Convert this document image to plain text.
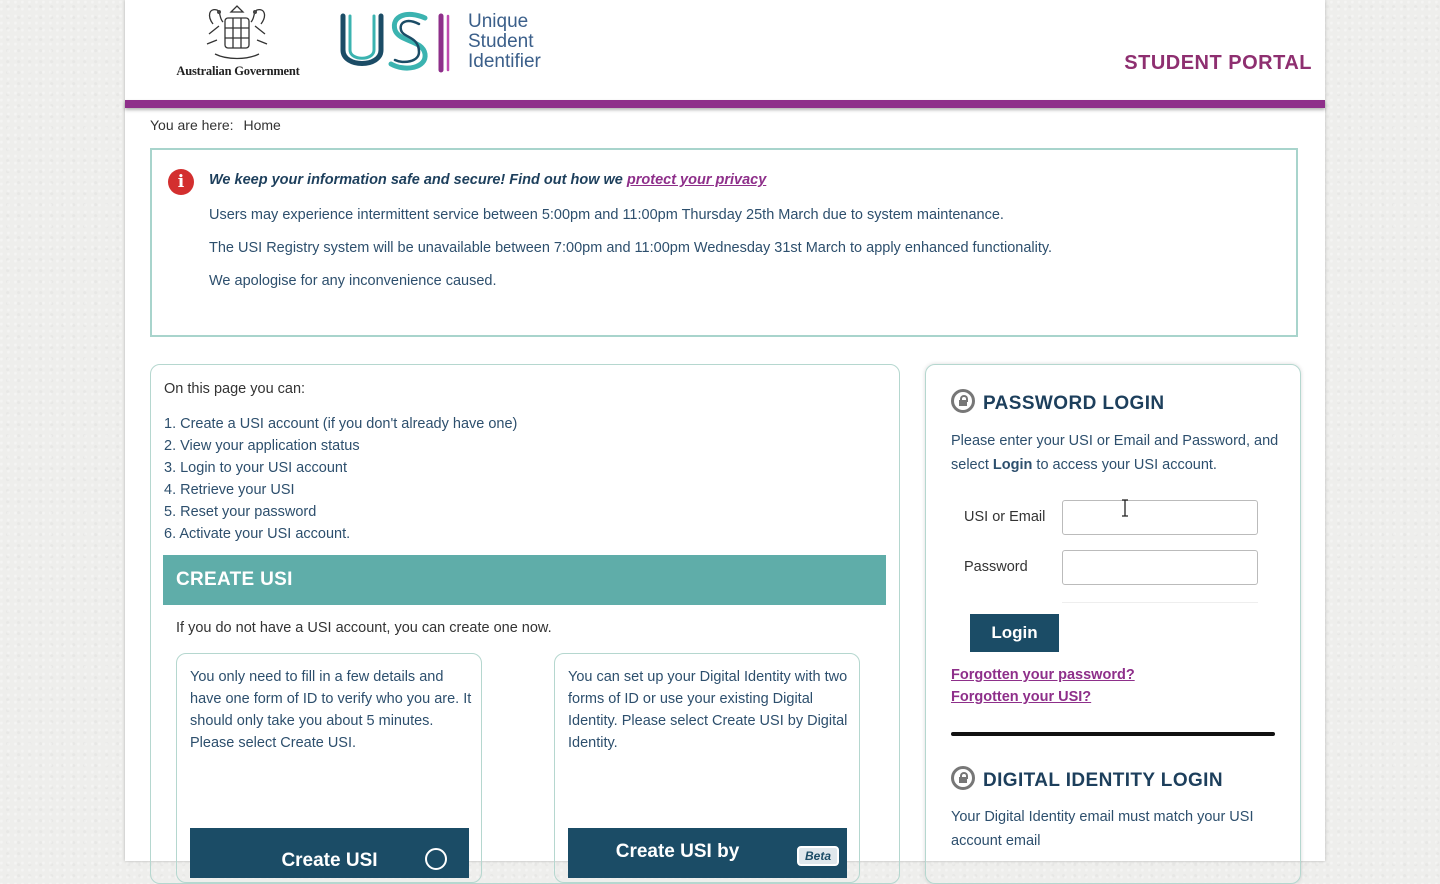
Australian Government
Unique
Student
Identifier	STUDENT PORTAL
You are here: Home
i	We keep your information safe and secure! Find out how we protect your privacy
Users may experience intermittent service between 5:00pm and 11:00pm Thursday 25th March due to system maintenance.
The USI Registry system will be unavailable between 7:00pm and 11:00pm Wednesday 31st March to apply enhanced functionality.
We apologise for any inconvenience caused.
On this page you can:
1. Create a USI account (if you don't already have one)
2. View your application status
3. Login to your USI account
4. Retrieve your USI
5. Reset your password
6. Activate your USI account.
CREATE USI
If you do not have a USI account, you can create one now.

You only need to fill in a few details and have one form of ID to verify who you are. It should only take you about 5 minutes. Please select Create USI.

Create USI

You can set up your Digital Identity with two forms of ID or use your existing Digital Identity. Please select Create USI by Digital Identity.

Create USI by	Beta
PASSWORD LOGIN
Please enter your USI or Email and Password, and select Login to access your USI account.
USI or Email
Password
Login
Forgotten your password?
Forgotten your USI?
DIGITAL IDENTITY LOGIN
Your Digital Identity email must match your USI account email
